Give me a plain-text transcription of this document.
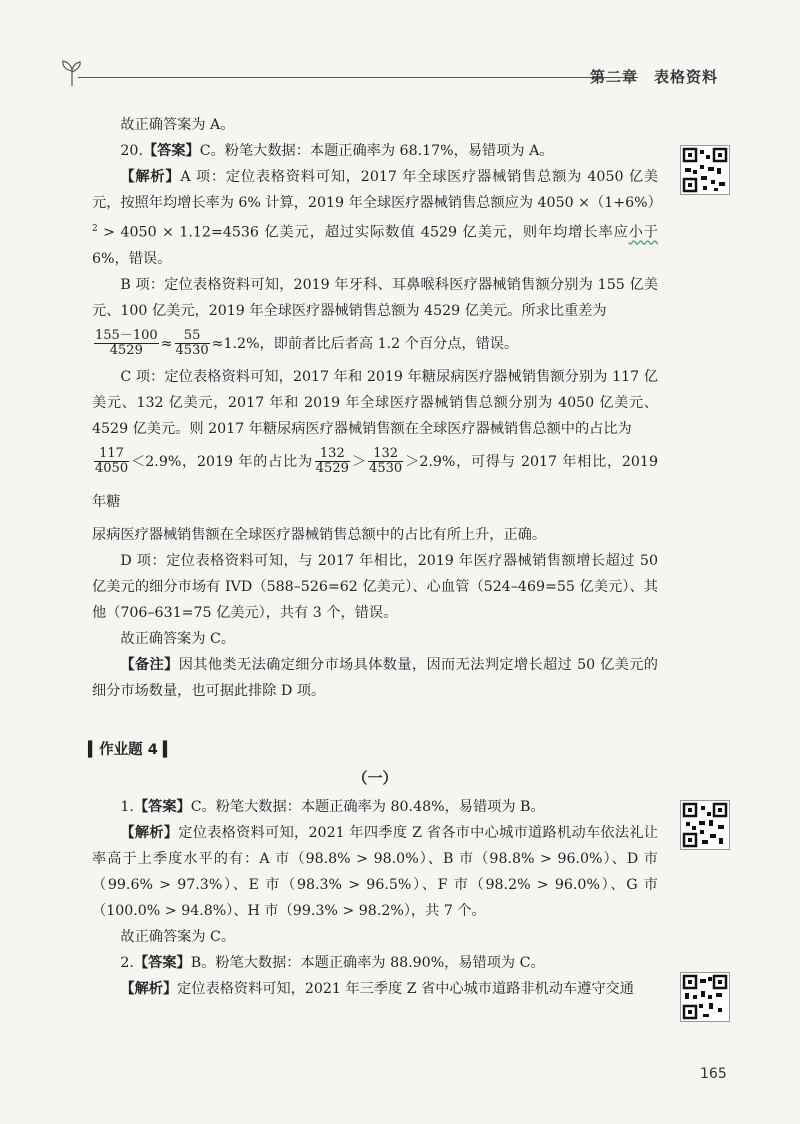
第二章　表格资料

故正确答案为 A。

20.【答案】C。粉笔大数据：本题正确率为 68.17%，易错项为 A。

【解析】A 项：定位表格资料可知，2017 年全球医疗器械销售总额为 4050 亿美元，按照年均增长率为 6% 计算，2019 年全球医疗器械销售总额应为 $4050 \times(1+6\%)^2 > 4050 \times 1.12=4536$ 亿美元，超过实际数值 4529 亿美元，则年均增长率应小于 6%，错误。

B 项：定位表格资料可知，2019 年牙科、耳鼻喉科医疗器械销售额分别为 155 亿美元、100 亿美元，2019 年全球医疗器械销售总额为 4529 亿美元。所求比重差为

$\frac{155-100}{4529} \approx \frac{55}{4530} \approx 1.2\%$，即前者比后者高 1.2 个百分点，错误。

C 项：定位表格资料可知，2017 年和 2019 年糖尿病医疗器械销售额分别为 117 亿美元、132 亿美元，2017 年和 2019 年全球医疗器械销售总额分别为 4050 亿美元、4529 亿美元。则 2017 年糖尿病医疗器械销售额在全球医疗器械销售总额中的占比为

$\frac{117}{4050} <2.9\%$，2019 年的占比为 $\frac{132}{4529} > \frac{132}{4530} >2.9\%$，可得与 2017 年相比，2019 年糖

尿病医疗器械销售额在全球医疗器械销售总额中的占比有所上升，正确。

D 项：定位表格资料可知，与 2017 年相比，2019 年医疗器械销售额增长超过 50 亿美元的细分市场有 IVD（588–526=62 亿美元）、心血管（524–469=55 亿美元）、其他（706–631=75 亿美元），共有 3 个，错误。

故正确答案为 C。

【备注】因其他类无法确定细分市场具体数量，因而无法判定增长超过 50 亿美元的细分市场数量，也可据此排除 D 项。

▍作业题 4 ▍
（一）

1.【答案】C。粉笔大数据：本题正确率为 80.48%，易错项为 B。

【解析】定位表格资料可知，2021 年四季度 Z 省各市中心城市道路机动车依法礼让率高于上季度水平的有：A 市（98.8% > 98.0%）、B 市（98.8% > 96.0%）、D 市（99.6% > 97.3%）、E 市（98.3% > 96.5%）、F 市（98.2% > 96.0%）、G 市（100.0% > 94.8%）、H 市（99.3% > 98.2%），共 7 个。

故正确答案为 C。

2.【答案】B。粉笔大数据：本题正确率为 88.90%，易错项为 C。

【解析】定位表格资料可知，2021 年三季度 Z 省中心城市道路非机动车遵守交通

165
